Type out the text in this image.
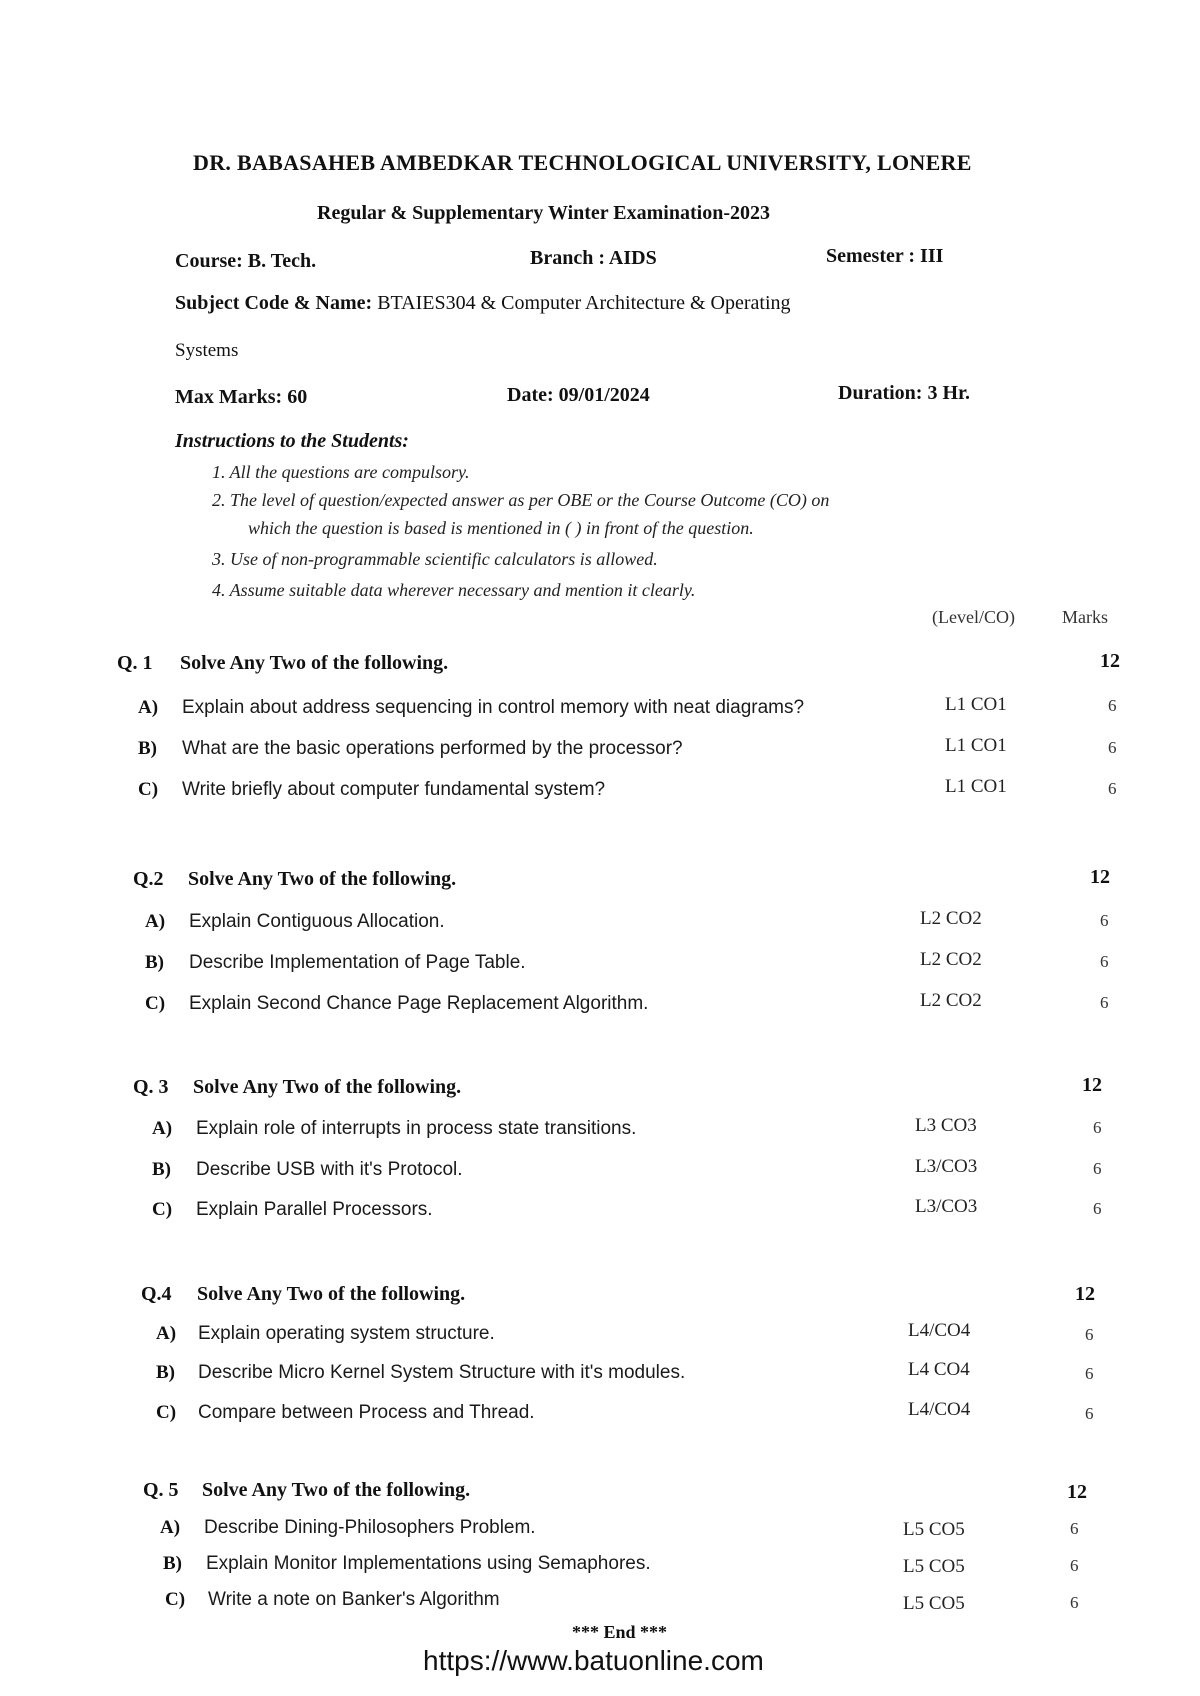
DR. BABASAHEB AMBEDKAR TECHNOLOGICAL UNIVERSITY, LONERE
Regular & Supplementary Winter Examination-2023
Course: B. Tech.	Branch : AIDS	Semester : III
Subject Code & Name: BTAIES304 & Computer Architecture & Operating
Systems
Max Marks: 60	Date: 09/01/2024	Duration: 3 Hr.
Instructions to the Students:
1. All the questions are compulsory.
2. The level of question/expected answer as per OBE or the Course Outcome (CO) on
which the question is based is mentioned in ( ) in front of the question.
3. Use of non-programmable scientific calculators is allowed.
4. Assume suitable data wherever necessary and mention it clearly.
(Level/CO)	Marks
Q. 1 Solve Any Two of the following.	12
A) Explain about address sequencing in control memory with neat diagrams?	L1 CO1	6
B) What are the basic operations performed by the processor?	L1 CO1	6
C) Write briefly about computer fundamental system?	L1 CO1	6
Q.2 Solve Any Two of the following.	12
A) Explain Contiguous Allocation.	L2 CO2	6
B) Describe Implementation of Page Table.	L2 CO2	6
C) Explain Second Chance Page Replacement Algorithm.	L2 CO2	6
Q. 3 Solve Any Two of the following.	12
A) Explain role of interrupts in process state transitions.	L3 CO3	6
B) Describe USB with it's Protocol.	L3/CO3	6
C) Explain Parallel Processors.	L3/CO3	6
Q.4 Solve Any Two of the following.	12
A) Explain operating system structure.	L4/CO4	6
B) Describe Micro Kernel System Structure with it's modules.	L4 CO4	6
C) Compare between Process and Thread.	L4/CO4	6
Q. 5 Solve Any Two of the following.	12
A) Describe Dining-Philosophers Problem.	L5 CO5	6
B) Explain Monitor Implementations using Semaphores.	L5 CO5	6
C) Write a note on Banker's Algorithm	L5 CO5	6
*** End ***
https://www.batuonline.com
